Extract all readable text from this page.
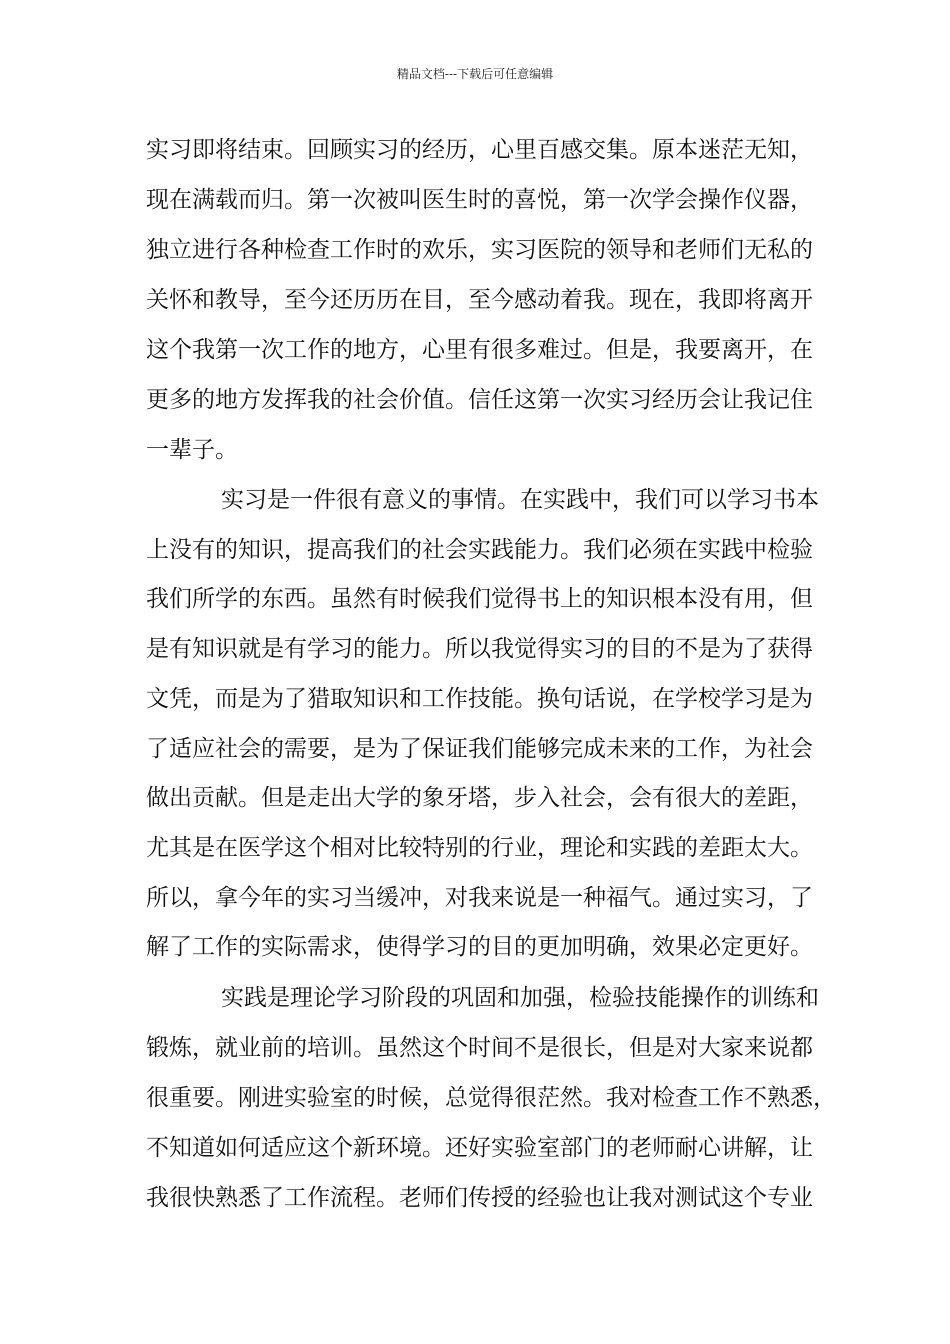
精品文档---下载后可任意编辑
实习即将结束。回顾实习的经历，心里百感交集。原本迷茫无知，
现在满载而归。第一次被叫医生时的喜悦，第一次学会操作仪器，
独立进行各种检查工作时的欢乐，实习医院的领导和老师们无私的
关怀和教导，至今还历历在目，至今感动着我。现在，我即将离开
这个我第一次工作的地方，心里有很多难过。但是，我要离开，在
更多的地方发挥我的社会价值。信任这第一次实习经历会让我记住
一辈子。
实习是一件很有意义的事情。在实践中，我们可以学习书本
上没有的知识，提高我们的社会实践能力。我们必须在实践中检验
我们所学的东西。虽然有时候我们觉得书上的知识根本没有用，但
是有知识就是有学习的能力。所以我觉得实习的目的不是为了获得
文凭，而是为了猎取知识和工作技能。换句话说，在学校学习是为
了适应社会的需要，是为了保证我们能够完成未来的工作，为社会
做出贡献。但是走出大学的象牙塔，步入社会，会有很大的差距，
尤其是在医学这个相对比较特别的行业，理论和实践的差距太大。
所以，拿今年的实习当缓冲，对我来说是一种福气。通过实习，了
解了工作的实际需求，使得学习的目的更加明确，效果必定更好。
实践是理论学习阶段的巩固和加强，检验技能操作的训练和
锻炼，就业前的培训。虽然这个时间不是很长，但是对大家来说都
很重要。刚进实验室的时候，总觉得很茫然。我对检查工作不熟悉，
不知道如何适应这个新环境。还好实验室部门的老师耐心讲解，让
我很快熟悉了工作流程。老师们传授的经验也让我对测试这个专业
